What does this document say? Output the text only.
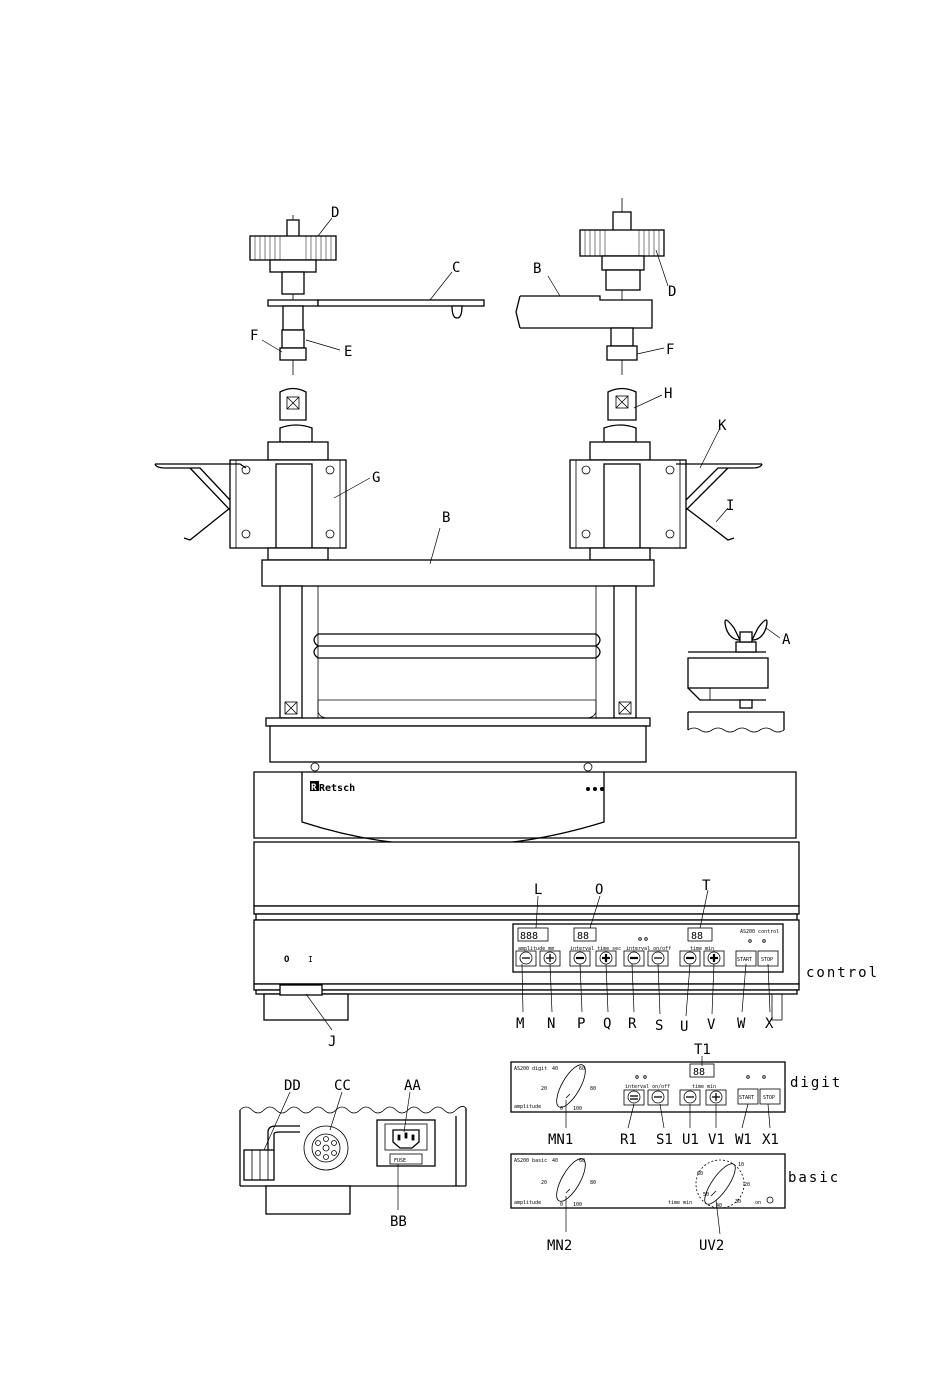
R Retsch
O I
888
amplitude mm
88
interval time sec interval on/off
88
time min
AS200 control
START STOP
AS200 digit
amplitude	0
20
40	60
80
100
interval on/off
88
time min
START STOP
AS200 basic
amplitude	0
20
40	60
80
100	time min
60
10
20
30
40
50
on
control
digit
basic
FUSE
D
C	B
D
F
E	F
H
K
G
I
B
A
L	O	T
M N P Q R S U V W X
J	T1
MN1	R1 S1 U1 V1 W1 X1
MN2	UV2
DD CC	AA
BB
